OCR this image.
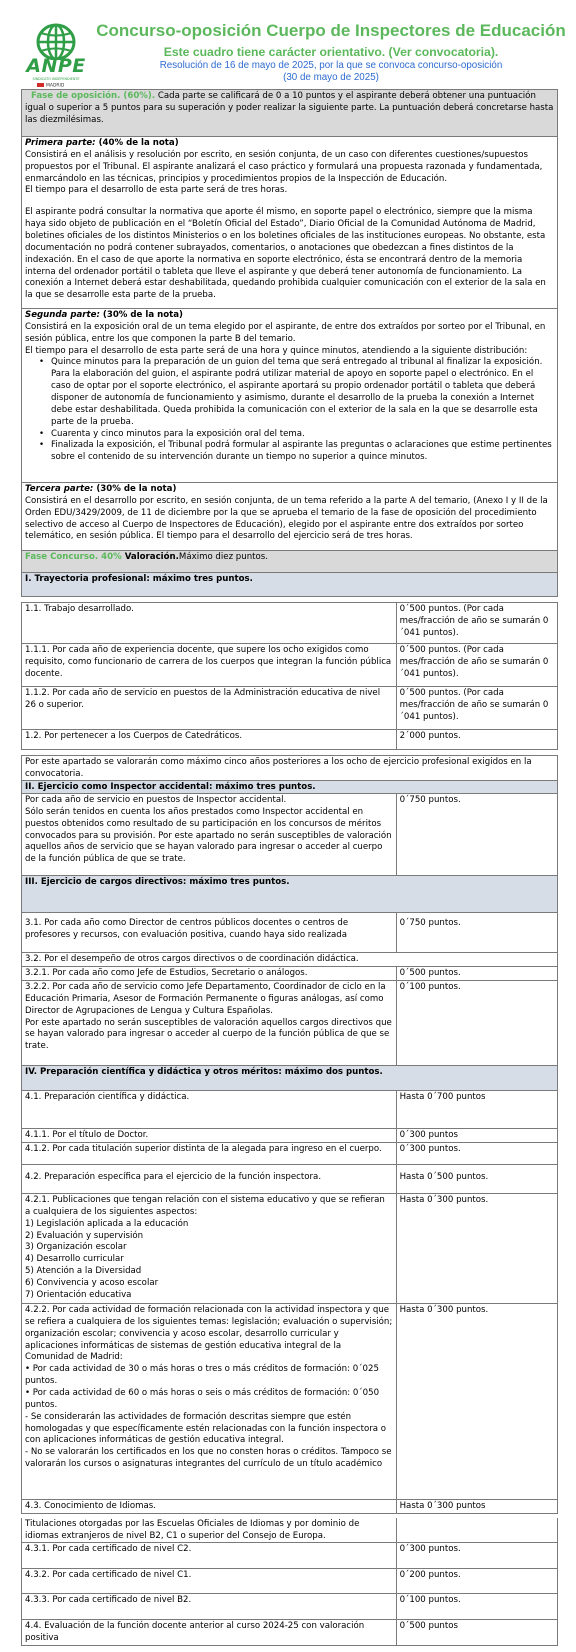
ANPE
SINDICATO INDEPENDIENTE
MADRID
Concurso-oposición Cuerpo de Inspectores de Educación
Este cuadro tiene carácter orientativo. (Ver convocatoria).
Resolución de 16 de mayo de 2025, por la que se convoca concurso-oposición
(30 de mayo de 2025)
Fase de oposición. (60%). Cada parte se calificará de 0 a 10 puntos y el aspirante deberá obtener una puntuación igual o superior a 5 puntos para su superación y poder realizar la siguiente parte. La puntuación deberá concretarse hasta las diezmilésimas.
Primera parte: (40% de la nota)
Consistirá en el análisis y resolución por escrito, en sesión conjunta, de un caso con diferentes cuestiones/supuestos propuestos por el Tribunal. El aspirante analizará el caso práctico y formulará una propuesta razonada y fundamentada, enmarcándolo en las técnicas, principios y procedimientos propios de la Inspección de Educación.
El tiempo para el desarrollo de esta parte será de tres horas.
El aspirante podrá consultar la normativa que aporte él mismo, en soporte papel o electrónico, siempre que la misma haya sido objeto de publicación en el “Boletín Oficial del Estado”, Diario Oficial de la Comunidad Autónoma de Madrid, boletines oficiales de los distintos Ministerios o en los boletines oficiales de las instituciones europeas. No obstante, esta documentación no podrá contener subrayados, comentarios, o anotaciones que obedezcan a fines distintos de la indexación. En el caso de que aporte la normativa en soporte electrónico, ésta se encontrará dentro de la memoria interna del ordenador portátil o tableta que lleve el aspirante y que deberá tener autonomía de funcionamiento. La conexión a Internet deberá estar deshabilitada, quedando prohibida cualquier comunicación con el exterior de la sala en la que se desarrolle esta parte de la prueba.
Segunda parte: (30% de la nota)
Consistirá en la exposición oral de un tema elegido por el aspirante, de entre dos extraídos por sorteo por el Tribunal, en sesión pública, entre los que componen la parte B del temario.
El tiempo para el desarrollo de esta parte será de una hora y quince minutos, atendiendo a la siguiente distribución:
• Quince minutos para la preparación de un guion del tema que será entregado al tribunal al finalizar la exposición. Para la elaboración del guion, el aspirante podrá utilizar material de apoyo en soporte papel o electrónico. En el caso de optar por el soporte electrónico, el aspirante aportará su propio ordenador portátil o tableta que deberá disponer de autonomía de funcionamiento y asimismo, durante el desarrollo de la prueba la conexión a Internet debe estar deshabilitada. Queda prohibida la comunicación con el exterior de la sala en la que se desarrolle esta parte de la prueba.
• Cuarenta y cinco minutos para la exposición oral del tema.
• Finalizada la exposición, el Tribunal podrá formular al aspirante las preguntas o aclaraciones que estime pertinentes sobre el contenido de su intervención durante un tiempo no superior a quince minutos.
Tercera parte: (30% de la nota)
Consistirá en el desarrollo por escrito, en sesión conjunta, de un tema referido a la parte A del temario, (Anexo I y II de la Orden EDU/3429/2009, de 11 de diciembre por la que se aprueba el temario de la fase de oposición del procedimiento selectivo de acceso al Cuerpo de Inspectores de Educación), elegido por el aspirante entre dos extraídos por sorteo telemático, en sesión pública. El tiempo para el desarrollo del ejercicio será de tres horas.
Fase Concurso. 40% Valoración.Máximo diez puntos.
I. Trayectoria profesional: máximo tres puntos.
1.1. Trabajo desarrollado.	0´500 puntos. (Por cada mes/fracción de año se sumarán 0´041 puntos).
1.1.1. Por cada año de experiencia docente, que supere los ocho exigidos como requisito, como funcionario de carrera de los cuerpos que integran la función pública docente.
0´500 puntos. (Por cada mes/fracción de año se sumarán 0´041 puntos).
1.1.2. Por cada año de servicio en puestos de la Administración educativa de nivel 26 o superior.
0´500 puntos. (Por cada mes/fracción de año se sumarán 0´041 puntos).
1.2. Por pertenecer a los Cuerpos de Catedráticos.	2´000 puntos.
Por este apartado se valorarán como máximo cinco años posteriores a los ocho de ejercicio profesional exigidos en la convocatoria.
II. Ejercicio como Inspector accidental: máximo tres puntos.
Por cada año de servicio en puestos de Inspector accidental.
Sólo serán tenidos en cuenta los años prestados como Inspector accidental en puestos obtenidos como resultado de su participación en los concursos de méritos convocados para su provisión. Por este apartado no serán susceptibles de valoración aquellos años de servicio que se hayan valorado para ingresar o acceder al cuerpo de la función pública de que se trate.
0´750 puntos.
III. Ejercicio de cargos directivos: máximo tres puntos.
3.1. Por cada año como Director de centros públicos docentes o centros de profesores y recursos, con evaluación positiva, cuando haya sido realizada
0´750 puntos.
3.2. Por el desempeño de otros cargos directivos o de coordinación didáctica.
3.2.1. Por cada año como Jefe de Estudios, Secretario o análogos.	0´500 puntos.
3.2.2. Por cada año de servicio como Jefe Departamento, Coordinador de ciclo en la Educación Primaria, Asesor de Formación Permanente o figuras análogas, así como Director de Agrupaciones de Lengua y Cultura Españolas.
Por este apartado no serán susceptibles de valoración aquellos cargos directivos que se hayan valorado para ingresar o acceder al cuerpo de la función pública de que se trate.
0´100 puntos.
IV. Preparación científica y didáctica y otros méritos: máximo dos puntos.
4.1. Preparación científica y didáctica.	Hasta 0´700 puntos
4.1.1. Por el título de Doctor.	0´300 puntos
4.1.2. Por cada titulación superior distinta de la alegada para ingreso en el cuerpo.	0´300 puntos.
4.2. Preparación específica para el ejercicio de la función inspectora.	Hasta 0´500 puntos.
4.2.1. Publicaciones que tengan relación con el sistema educativo y que se refieran a cualquiera de los siguientes aspectos:
1) Legislación aplicada a la educación
2) Evaluación y supervisión
3) Organización escolar
4) Desarrollo curricular
5) Atención a la Diversidad
6) Convivencia y acoso escolar
7) Orientación educativa
Hasta 0´300 puntos.
4.2.2. Por cada actividad de formación relacionada con la actividad inspectora y que se refiera a cualquiera de los siguientes temas: legislación; evaluación o supervisión; organización escolar; convivencia y acoso escolar, desarrollo curricular y aplicaciones informáticas de sistemas de gestión educativa integral de la Comunidad de Madrid:
• Por cada actividad de 30 o más horas o tres o más créditos de formación: 0´025 puntos.
• Por cada actividad de 60 o más horas o seis o más créditos de formación: 0´050 puntos.
- Se considerarán las actividades de formación descritas siempre que estén homologadas y que específicamente estén relacionadas con la función inspectora o con aplicaciones informáticas de gestión educativa integral.
- No se valorarán los certificados en los que no consten horas o créditos. Tampoco se valorarán los cursos o asignaturas integrantes del currículo de un título académico
Hasta 0´300 puntos.
4.3. Conocimiento de Idiomas.	Hasta 0´300 puntos
Titulaciones otorgadas por las Escuelas Oficiales de Idiomas y por dominio de idiomas extranjeros de nivel B2, C1 o superior del Consejo de Europa.
4.3.1. Por cada certificado de nivel C2.	0´300 puntos.
4.3.2. Por cada certificado de nivel C1.	0´200 puntos.
4.3.3. Por cada certificado de nivel B2.	0´100 puntos.
4.4. Evaluación de la función docente anterior al curso 2024-25 con valoración positiva
0´500 puntos
